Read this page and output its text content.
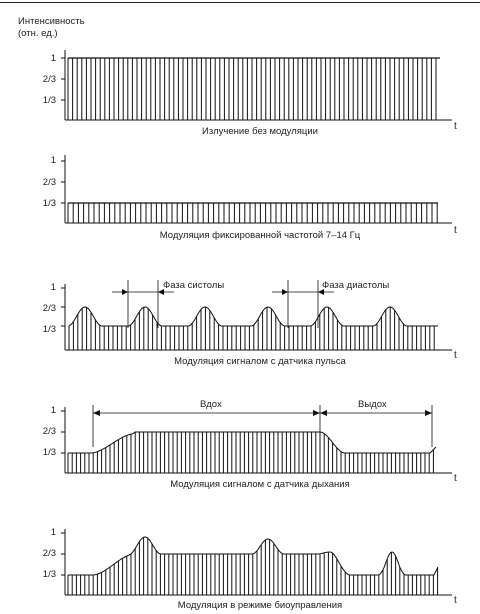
Интенсивность
(отн. ед.)
1
2/3
1/3
t
Излучение без модуляции
1
2/3
1/3
t
Модуляция фиксированной частотой 7–14 Гц
1
2/3
1/3
t
Фаза систолы	Фаза диастолы
Модуляция сигналом с датчика пульса
1
2/3
1/3
t
Вдох	Выдох
Модуляция сигналом с датчика дыхания
1
2/3
1/3
t
Модуляция в режиме биоуправления
